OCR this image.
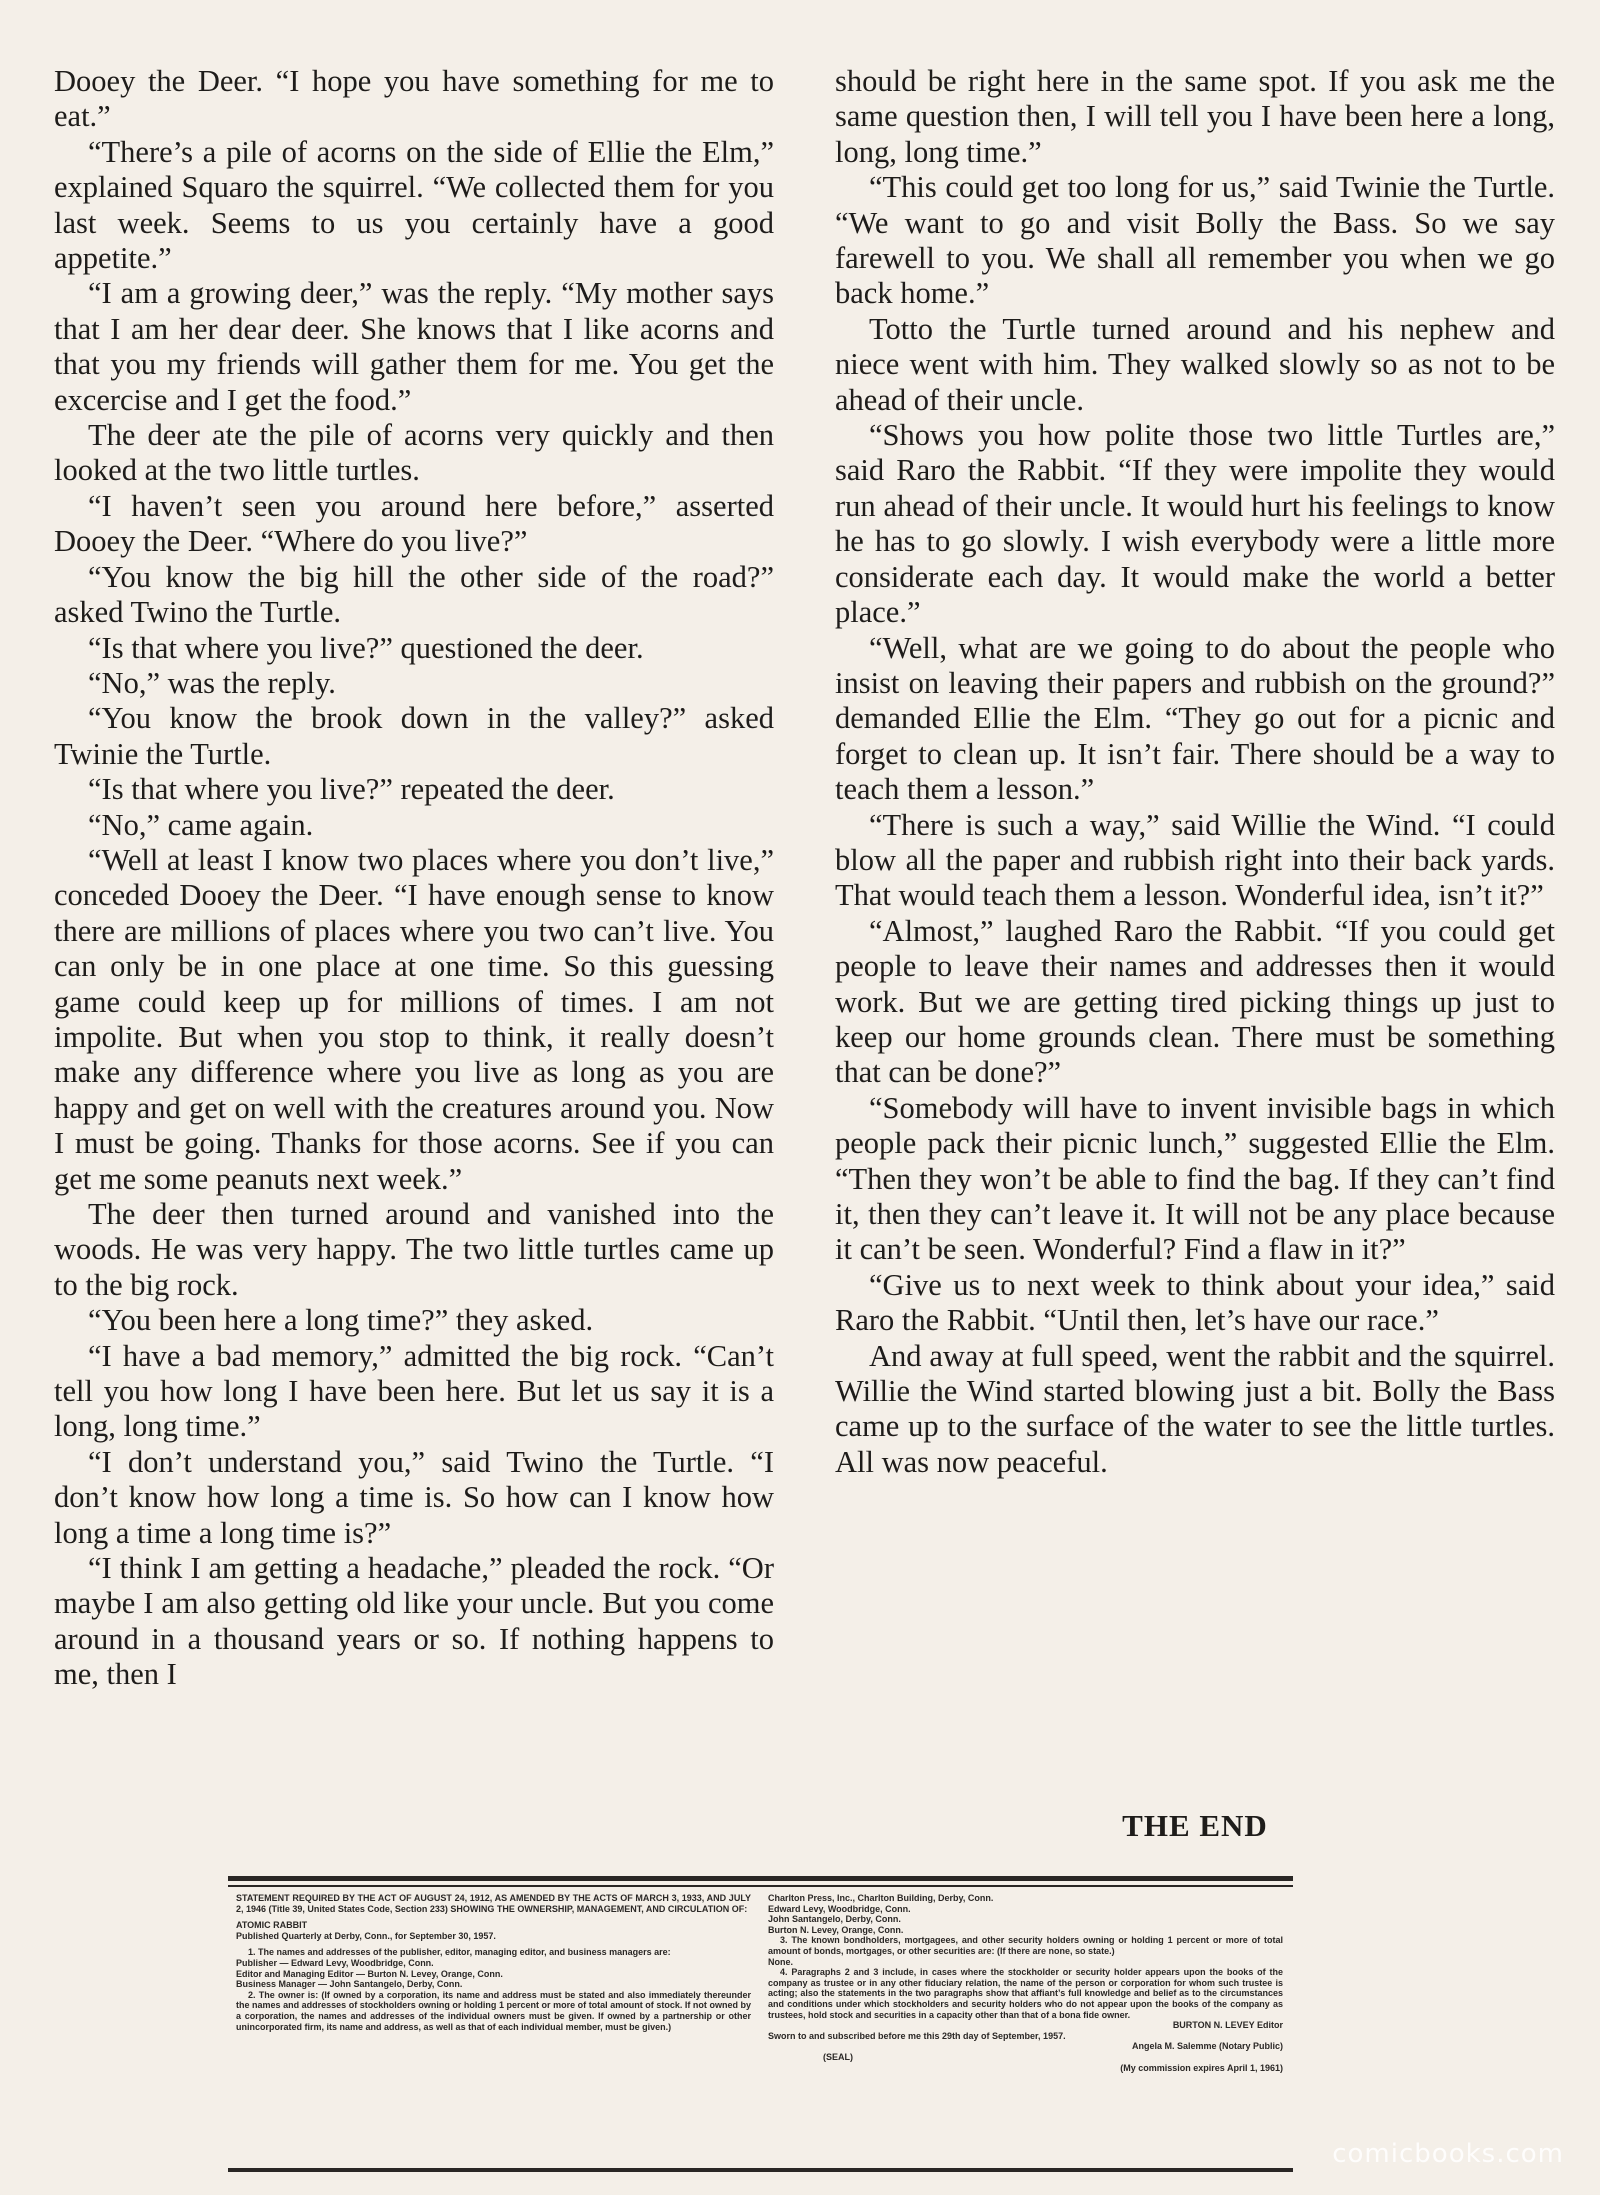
Dooey the Deer. “I hope you have something for me to eat.”

“There’s a pile of acorns on the side of Ellie the Elm,” explained Squaro the squirrel. “We collected them for you last week. Seems to us you certainly have a good appetite.”

“I am a growing deer,” was the reply. “My mother says that I am her dear deer. She knows that I like acorns and that you my friends will gather them for me. You get the excercise and I get the food.”

The deer ate the pile of acorns very quickly and then looked at the two little turtles.

“I haven’t seen you around here before,” asserted Dooey the Deer. “Where do you live?”

“You know the big hill the other side of the road?” asked Twino the Turtle.

“Is that where you live?” questioned the deer.

“No,” was the reply.

“You know the brook down in the valley?” asked Twinie the Turtle.

“Is that where you live?” repeated the deer.

“No,” came again.

“Well at least I know two places where you don’t live,” conceded Dooey the Deer. “I have enough sense to know there are millions of places where you two can’t live. You can only be in one place at one time. So this guessing game could keep up for millions of times. I am not impolite. But when you stop to think, it really doesn’t make any difference where you live as long as you are happy and get on well with the creatures around you. Now I must be going. Thanks for those acorns. See if you can get me some peanuts next week.”

The deer then turned around and vanished into the woods. He was very happy. The two little turtles came up to the big rock.

“You been here a long time?” they asked.

“I have a bad memory,” admitted the big rock. “Can’t tell you how long I have been here. But let us say it is a long, long time.”

“I don’t understand you,” said Twino the Turtle. “I don’t know how long a time is. So how can I know how long a time a long time is?”

“I think I am getting a headache,” pleaded the rock. “Or maybe I am also getting old like your uncle. But you come around in a thousand years or so. If nothing happens to me, then I

should be right here in the same spot. If you ask me the same question then, I will tell you I have been here a long, long, long time.”

“This could get too long for us,” said Twinie the Turtle. “We want to go and visit Bolly the Bass. So we say farewell to you. We shall all remember you when we go back home.”

Totto the Turtle turned around and his nephew and niece went with him. They walked slowly so as not to be ahead of their uncle.

“Shows you how polite those two little Turtles are,” said Raro the Rabbit. “If they were impolite they would run ahead of their uncle. It would hurt his feelings to know he has to go slowly. I wish everybody were a little more considerate each day. It would make the world a better place.”

“Well, what are we going to do about the people who insist on leaving their papers and rubbish on the ground?” demanded Ellie the Elm. “They go out for a picnic and forget to clean up. It isn’t fair. There should be a way to teach them a lesson.”

“There is such a way,” said Willie the Wind. “I could blow all the paper and rubbish right into their back yards. That would teach them a lesson. Wonderful idea, isn’t it?”

“Almost,” laughed Raro the Rabbit. “If you could get people to leave their names and addresses then it would work. But we are getting tired picking things up just to keep our home grounds clean. There must be something that can be done?”

“Somebody will have to invent invisible bags in which people pack their picnic lunch,” suggested Ellie the Elm. “Then they won’t be able to find the bag. If they can’t find it, then they can’t leave it. It will not be any place because it can’t be seen. Wonderful? Find a flaw in it?”

“Give us to next week to think about your idea,” said Raro the Rabbit. “Until then, let’s have our race.”

And away at full speed, went the rabbit and the squirrel. Willie the Wind started blowing just a bit. Bolly the Bass came up to the surface of the water to see the little turtles. All was now peaceful.

THE END

STATEMENT REQUIRED BY THE ACT OF AUGUST 24, 1912, AS AMENDED BY THE ACTS OF MARCH 3, 1933, AND JULY 2, 1946 (Title 39, United States Code, Section 233) SHOWING THE OWNERSHIP, MANAGEMENT, AND CIRCULATION OF:

ATOMIC RABBIT

Published Quarterly at Derby, Conn., for September 30, 1957.

1. The names and addresses of the publisher, editor, managing editor, and business managers are:

Publisher — Edward Levy, Woodbridge, Conn.

Editor and Managing Editor — Burton N. Levey, Orange, Conn.

Business Manager — John Santangelo, Derby, Conn.

2. The owner is: (If owned by a corporation, its name and address must be stated and also immediately thereunder the names and addresses of stockholders owning or holding 1 percent or more of total amount of stock. If not owned by a corporation, the names and addresses of the individual owners must be given. If owned by a partnership or other unincorporated firm, its name and address, as well as that of each individual member, must be given.)

Charlton Press, Inc., Charlton Building, Derby, Conn.

Edward Levy, Woodbridge, Conn.

John Santangelo, Derby, Conn.

Burton N. Levey, Orange, Conn.

3. The known bondholders, mortgagees, and other security holders owning or holding 1 percent or more of total amount of bonds, mortgages, or other securities are: (If there are none, so state.)

None.

4. Paragraphs 2 and 3 include, in cases where the stockholder or security holder appears upon the books of the company as trustee or in any other fiduciary relation, the name of the person or corporation for whom such trustee is acting; also the statements in the two paragraphs show that affiant’s full knowledge and belief as to the circumstances and conditions under which stockholders and security holders who do not appear upon the books of the company as trustees, hold stock and securities in a capacity other than that of a bona fide owner.

BURTON N. LEVEY Editor

Sworn to and subscribed before me this 29th day of September, 1957.

Angela M. Salemme (Notary Public)

(SEAL)

(My commission expires April 1, 1961)

comicbooks.com
